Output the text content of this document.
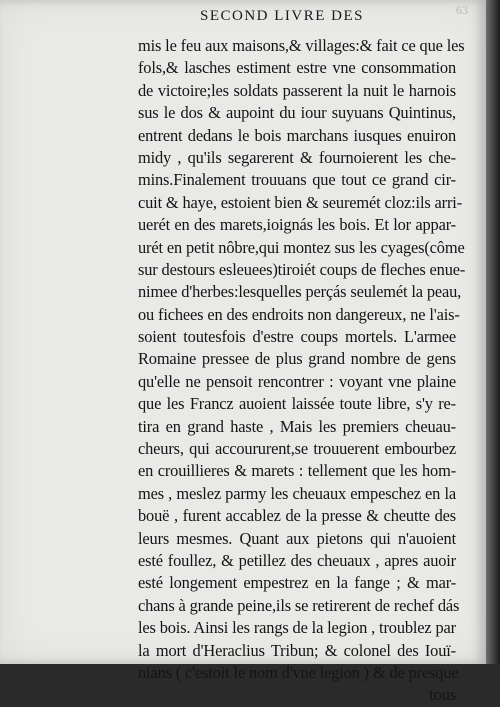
63
SECOND LIVRE DES
mis le feu aux maisons,& villages:& fait ce que les
fols,& lasches estiment estre vne consommation
de victoire;les soldats passerent la nuit le harnois
sus le dos & aupoint du iour suyuans Quintinus,
entrent dedans le bois marchans iusques enuiron
midy , qu'ils segarerent & fournoierent les che-
mins.Finalement trouuans que tout ce grand cir-
cuit & haye, estoient bien & seuremét cloz:ils arri-
uerét en des marets,ioignás les bois. Et lor appar-
urét en petit nôbre,qui montez sus les cyages(côme
sur destours esleuees)tiroiét coups de fleches enue-
nimee d'herbes:lesquelles perçás seulemét la peau,
ou fichees en des endroits non dangereux, ne l'ais-
soient toutesfois d'estre coups mortels. L'armee
Romaine pressee de plus grand nombre de gens
qu'elle ne pensoit rencontrer : voyant vne plaine
que les Francz auoient laissée toute libre, s'y re-
tira en grand haste , Mais les premiers cheuau-
cheurs, qui accoururent,se trouuerent embourbez
en crouillieres & marets : tellement que les hom-
mes , meslez parmy les cheuaux empeschez en la
bouë , furent accablez de la presse & cheutte des
leurs mesmes. Quant aux pietons qui n'auoient
esté foullez, & petillez des cheuaux , apres auoir
esté longement empestrez en la fange ; & mar-
chans à grande peine,ils se retirerent de rechef dás
les bois. Ainsi les rangs de la legion , troublez par
la mort d'Heraclius Tribun; & colonel des Iouï-
nians ( c'estoit le nom d'vne legion ) & de presque
tous
